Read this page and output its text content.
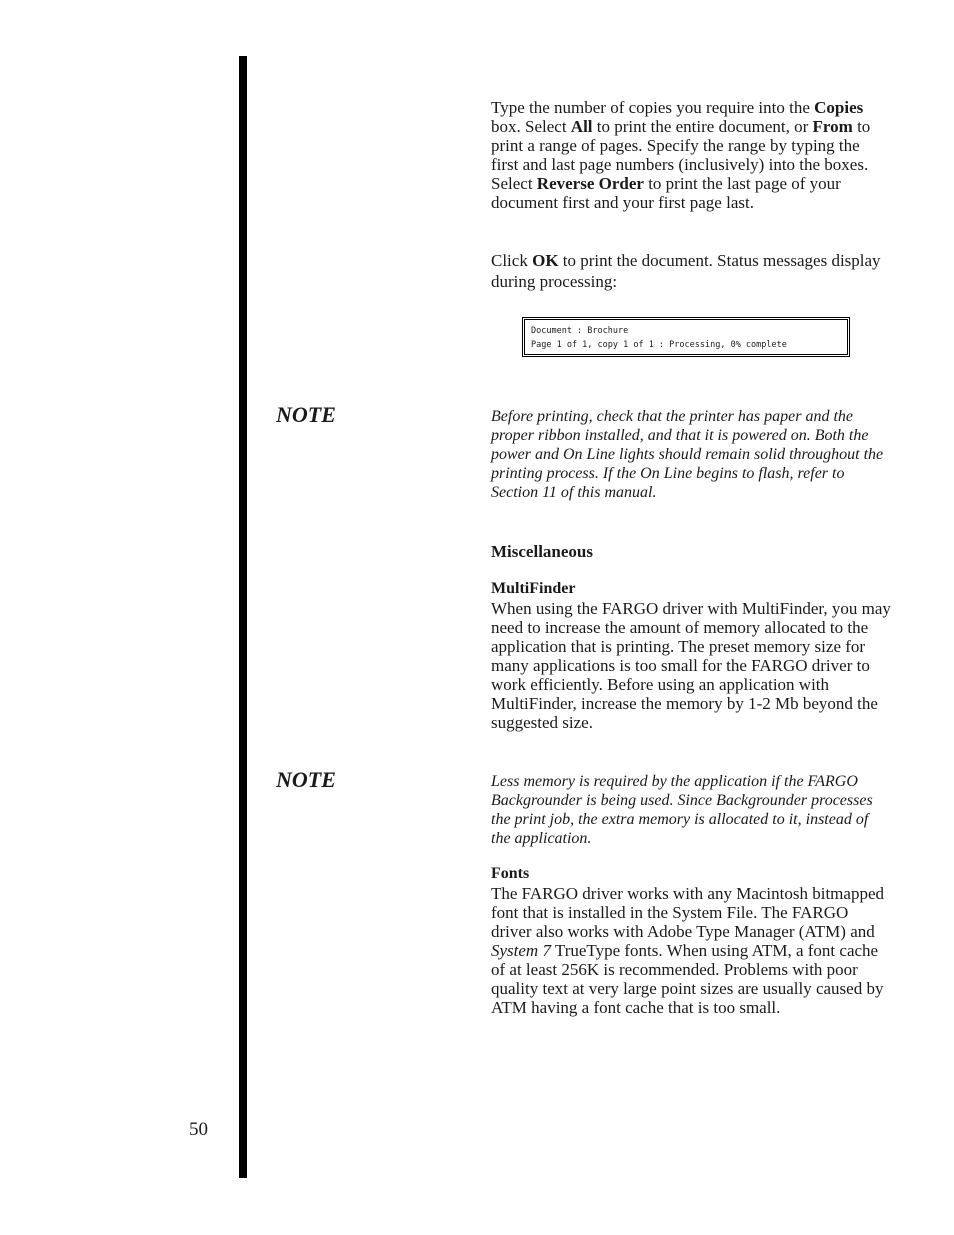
Type the number of copies you require into the Copies box. Select All to print the entire document, or From to print a range of pages. Specify the range by typing the first and last page numbers (inclusively) into the boxes. Select Reverse Order to print the last page of your document first and your first page last.

Click OK to print the document. Status messages display during processing:

Document : Brochure
Page 1 of 1, copy 1 of 1 : Processing, 0% complete
NOTE	Before printing, check that the printer has paper and the proper ribbon installed, and that it is powered on. Both the power and On Line lights should remain solid throughout the printing process. If the On Line begins to flash, refer to Section 11 of this manual.
Miscellaneous
MultiFinder
When using the FARGO driver with MultiFinder, you may need to increase the amount of memory allocated to the application that is printing. The preset memory size for many applications is too small for the FARGO driver to work efficiently. Before using an application with MultiFinder, increase the memory by 1-2 Mb beyond the suggested size.
NOTE	Less memory is required by the application if the FARGO Backgrounder is being used. Since Backgrounder processes the print job, the extra memory is allocated to it, instead of the application.
Fonts

The FARGO driver works with any Macintosh bitmapped font that is installed in the System File. The FARGO driver also works with Adobe Type Manager (ATM) and System 7 TrueType fonts. When using ATM, a font cache of at least 256K is recommended. Problems with poor quality text at very large point sizes are usually caused by ATM having a font cache that is too small.

50
